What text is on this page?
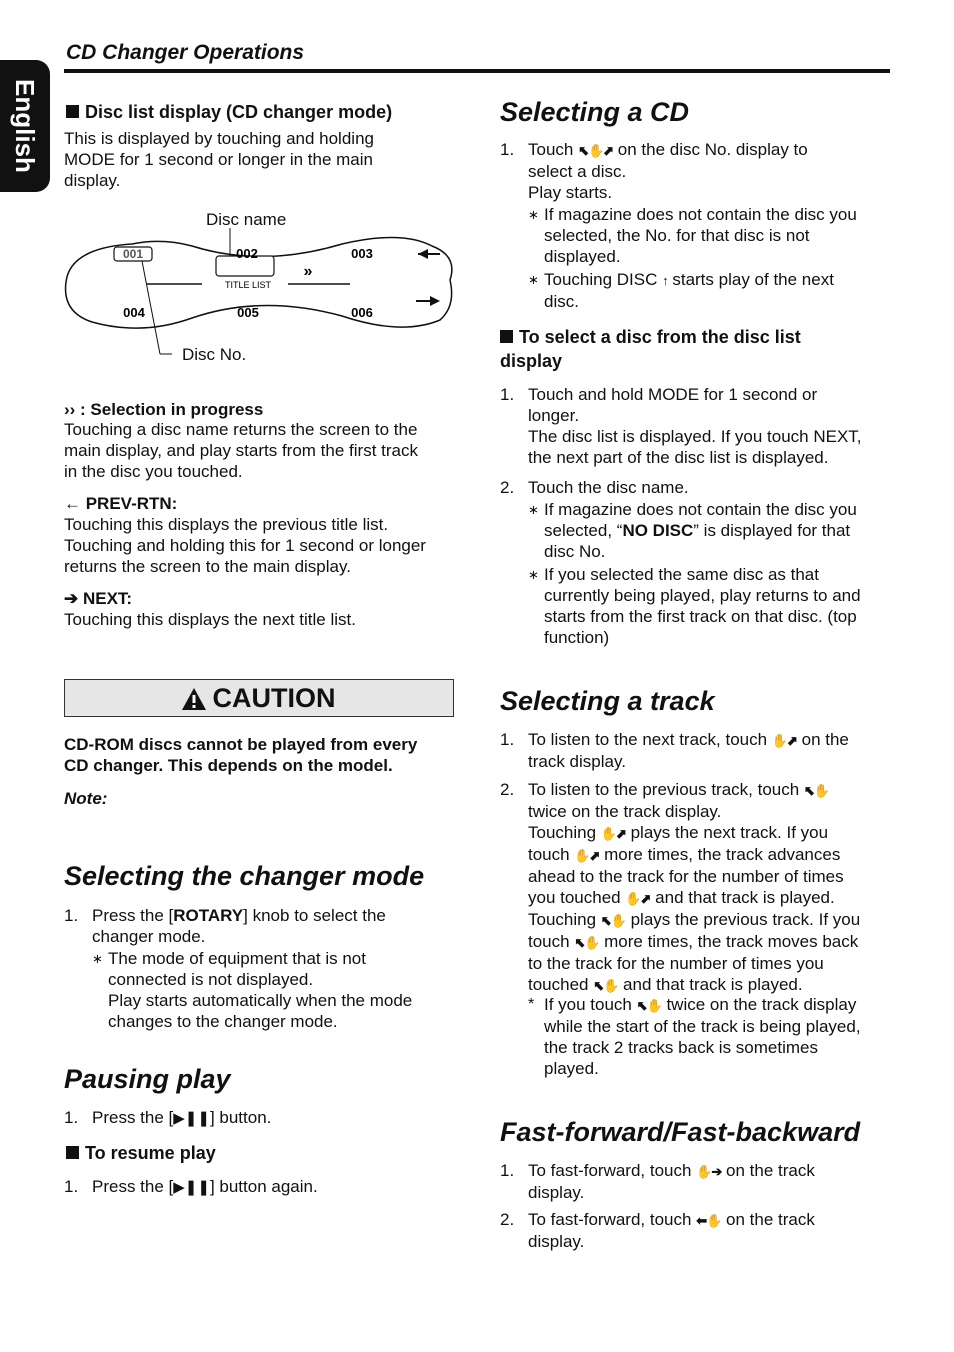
English
CD Changer Operations
Disc list display (CD changer mode)

This is displayed by touching and holding

MODE for 1 second or longer in the main

display.

Disc name
001	002	003
004	005	006
TITLE LIST
»
Disc No.
›› : Selection in progress

Touching a disc name returns the screen to the

main display, and play starts from the first track

in the disc you touched.

← PREV-RTN:

Touching this displays the previous title list.

Touching and holding this for 1 second or longer

returns the screen to the main display.

➔ NEXT:
Touching this displays the next title list.
CAUTION

CD-ROM discs cannot be played from every

CD changer. This depends on the model.

Note:
Selecting the changer mode
1. Press the [ROTARY] knob to select the

changer mode.

∗ The mode of equipment that is not

connected is not displayed.

Play starts automatically when the mode

changes to the changer mode.

Pausing play
1. Press the [▶❚❚] button.
To resume play
1. Press the [▶❚❚] button again.
Selecting a CD
1. Touch ⬉✋⬈ on the disc No. display to

select a disc.

Play starts.

∗ If magazine does not contain the disc you

selected, the No. for that disc is not

displayed.

∗ Touching DISC ↑ starts play of the next

disc.

To select a disc from the disc list

display

1. Touch and hold MODE for 1 second or

longer.

The disc list is displayed. If you touch NEXT,

the next part of the disc list is displayed.

2. Touch the disc name.
∗ If magazine does not contain the disc you

selected, “NO DISC” is displayed for that

disc No.

∗ If you selected the same disc as that

currently being played, play returns to and

starts from the first track on that disc. (top

function)

Selecting a track
1. To listen to the next track, touch ✋⬈ on the

track display.

2. To listen to the previous track, touch ⬉✋

twice on the track display.

Touching ✋⬈ plays the next track. If you

touch ✋⬈ more times, the track advances

ahead to the track for the number of times

you touched ✋⬈ and that track is played.

Touching ⬉✋ plays the previous track. If you

touch ⬉✋ more times, the track moves back

to the track for the number of times you

touched ⬉✋ and that track is played.

* If you touch ⬉✋ twice on the track display

while the start of the track is being played,

the track 2 tracks back is sometimes

played.

Fast-forward/Fast-backward
1. To fast-forward, touch ✋➔ on the track

display.

2. To fast-forward, touch ⬅✋ on the track

display.
